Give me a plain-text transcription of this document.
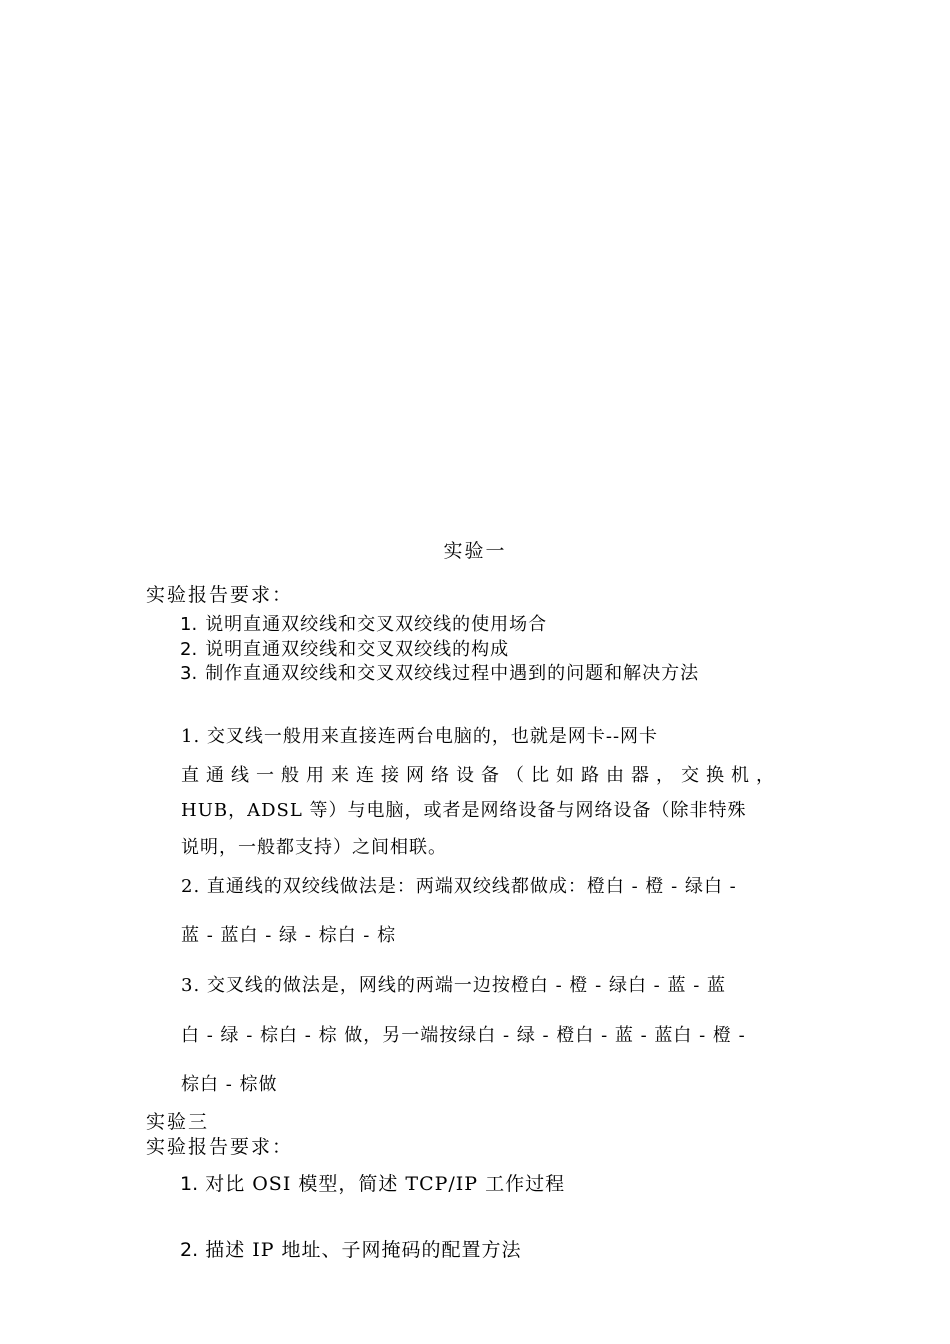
实验一
实验报告要求：
1. 说明直通双绞线和交叉双绞线的使用场合
2. 说明直通双绞线和交叉双绞线的构成
3. 制作直通双绞线和交叉双绞线过程中遇到的问题和解决方法
1. 交叉线一般用来直接连两台电脑的，也就是网卡--网卡
直通线一般用来连接网络设备（比如路由器，交换机，
HUB，ADSL 等）与电脑，或者是网络设备与网络设备（除非特殊
说明，一般都支持）之间相联。
2. 直通线的双绞线做法是：两端双绞线都做成：橙白 - 橙 - 绿白 -
蓝 - 蓝白 - 绿 - 棕白 - 棕
3. 交叉线的做法是，网线的两端一边按橙白 - 橙 - 绿白 - 蓝 - 蓝
白 - 绿 - 棕白 - 棕 做，另一端按绿白 - 绿 - 橙白 - 蓝 - 蓝白 - 橙 -
棕白 - 棕做
实验三
实验报告要求：
1. 对比 OSI 模型，简述 TCP/IP 工作过程
2. 描述 IP 地址、子网掩码的配置方法
